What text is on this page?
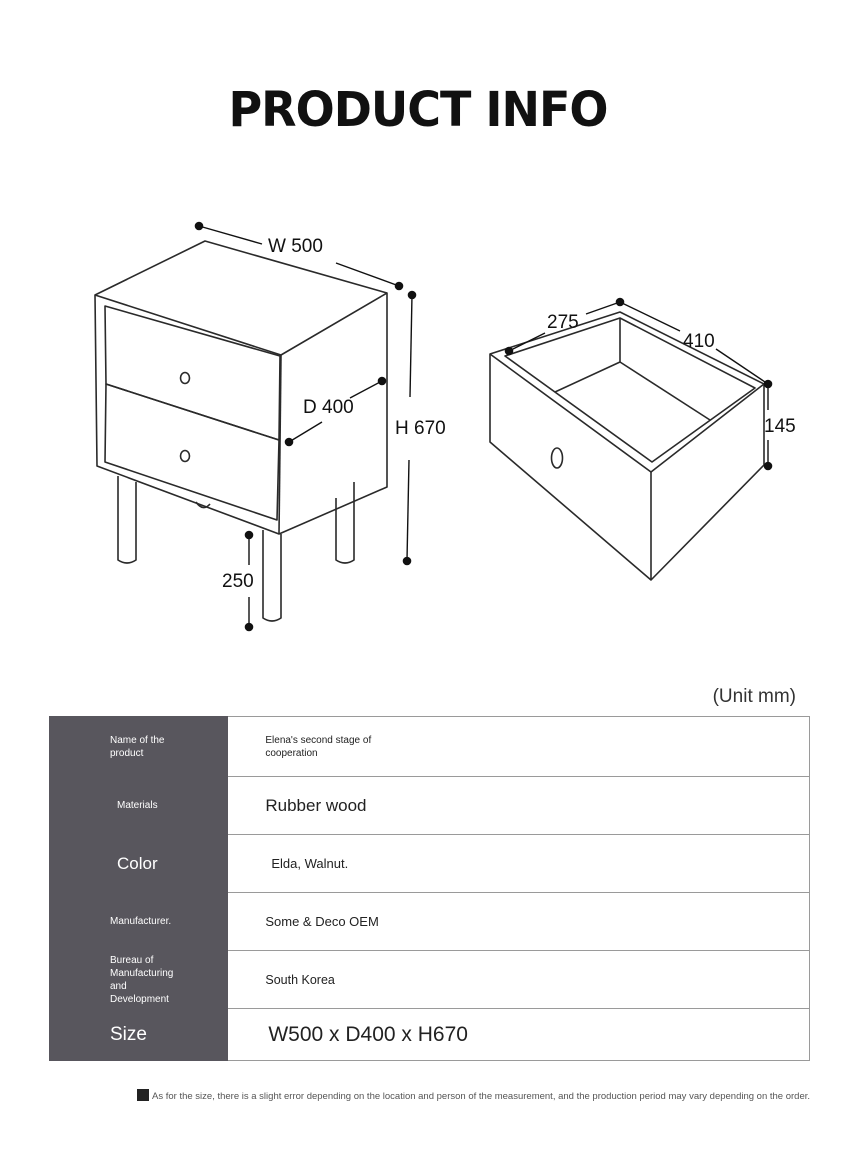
PRODUCT INFO
W 500
D 400
H 670
250
275
410
145
(Unit mm)
Name of the product	Elena's second stage of cooperation
Materials	Rubber wood
Color	Elda, Walnut.
Manufacturer.	Some & Deco OEM
Bureau of Manufacturing and Development	South Korea
Size	W500 x D400 x H670
As for the size, there is a slight error depending on the location and person of the measurement, and the production period may vary depending on the order.
